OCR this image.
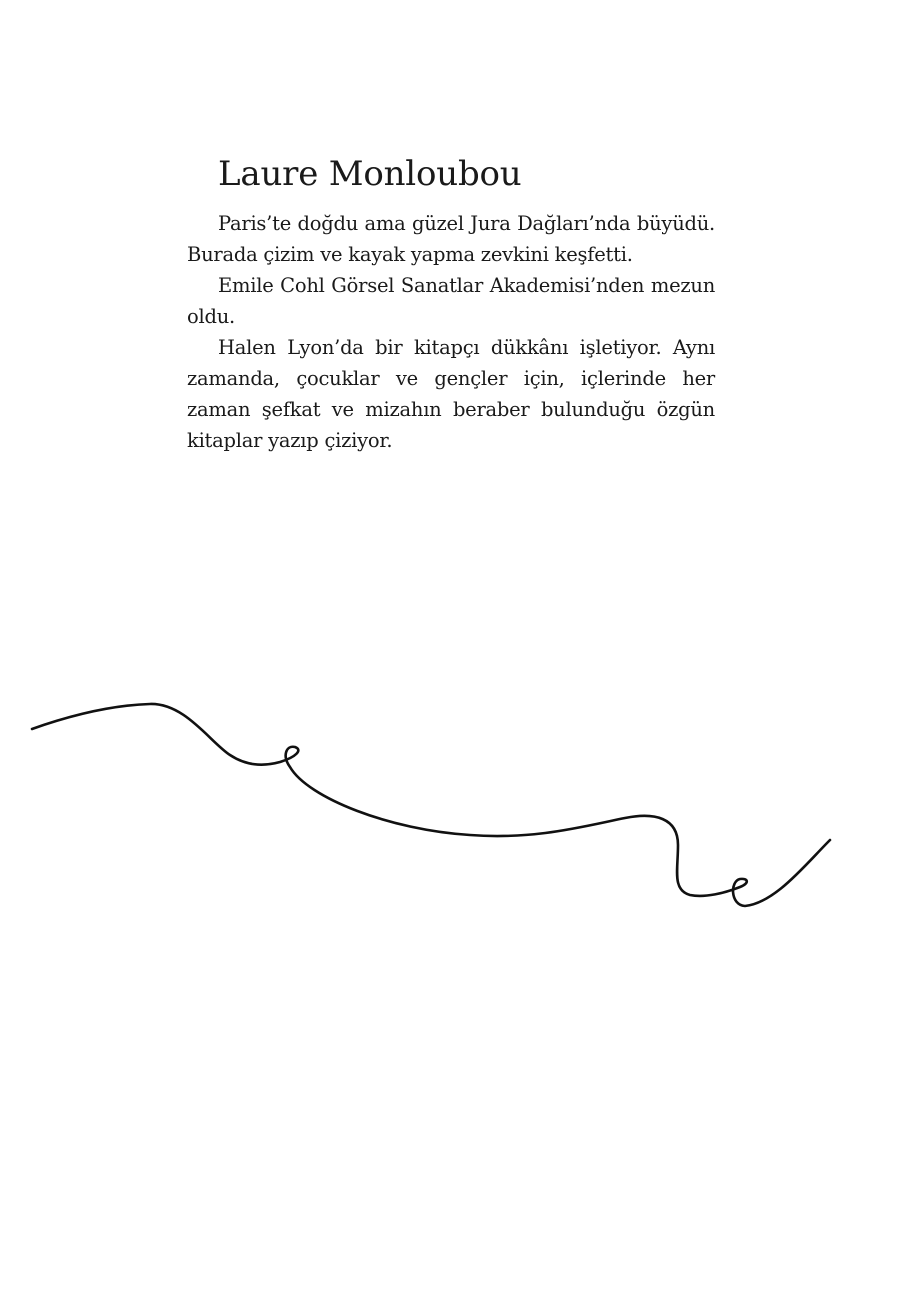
Laure Monloubou

Paris’te doğdu ama güzel Jura Dağları’nda büyüdü. Burada çizim ve kayak yapma zevkini keşfetti.

Emile Cohl Görsel Sanatlar Akademisi’nden mezun oldu.

Halen Lyon’da bir kitapçı dükkânı işletiyor. Aynı zamanda, çocuklar ve gençler için, içlerinde her zaman şefkat ve mizahın beraber bulunduğu özgün kitaplar yazıp çiziyor.
